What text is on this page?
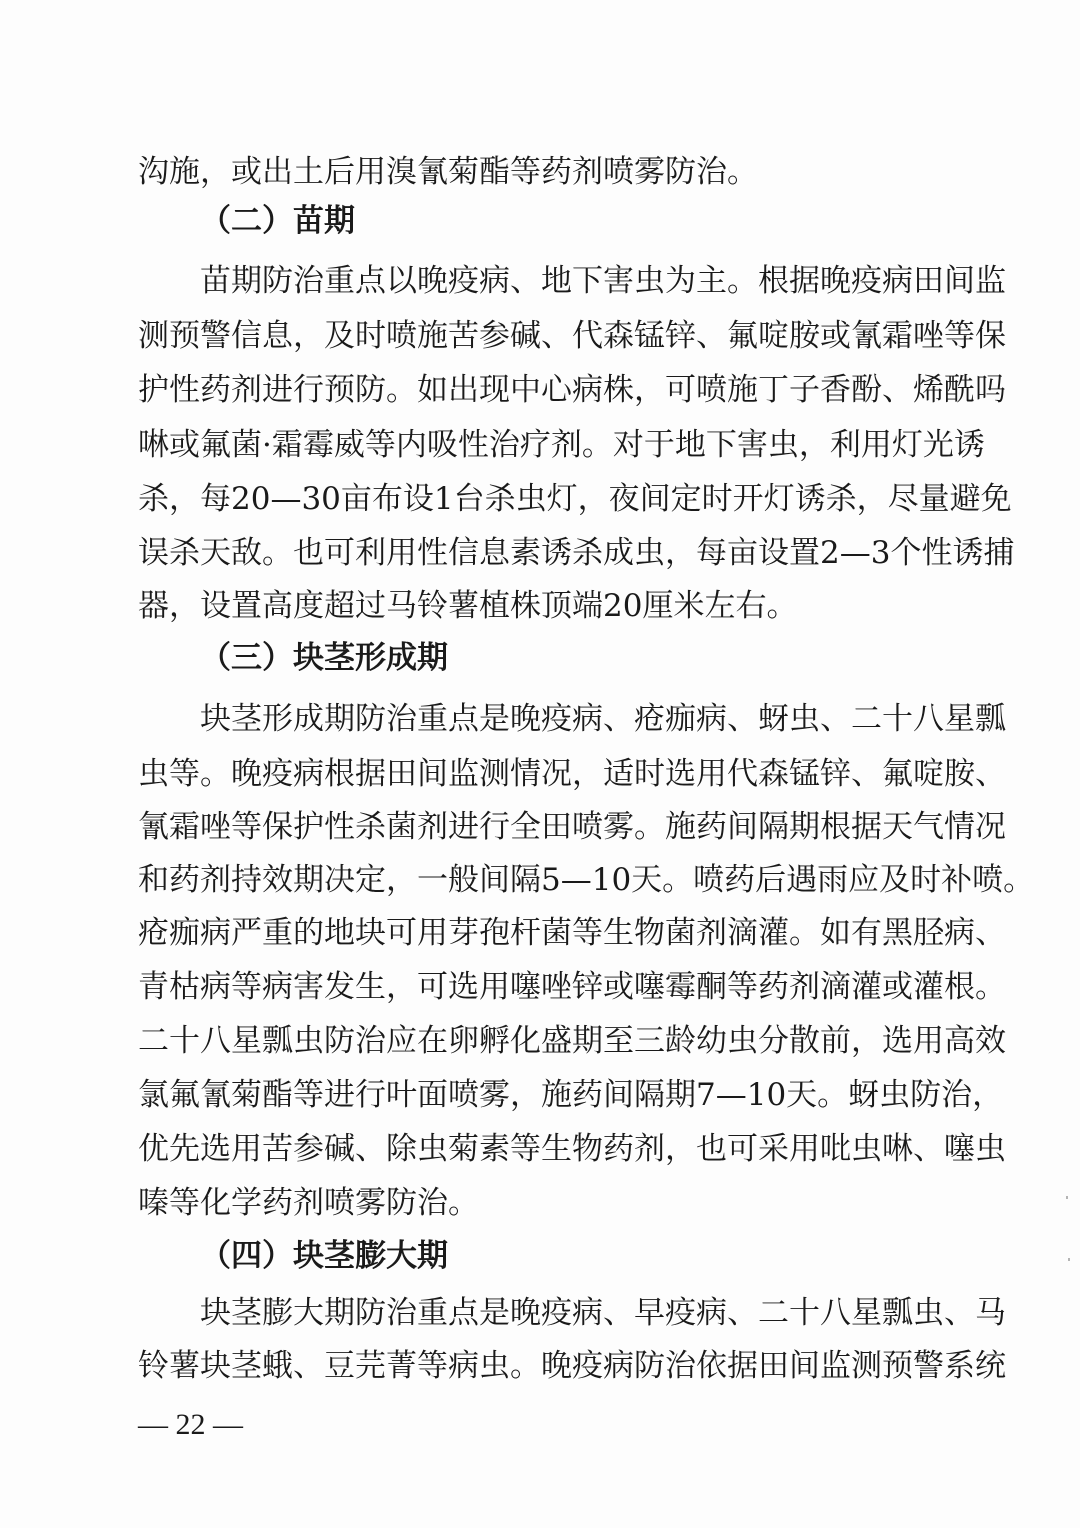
沟施，或出土后用溴氰菊酯等药剂喷雾防治。

（二）苗期

苗期防治重点以晚疫病、地下害虫为主。根据晚疫病田间监

测预警信息，及时喷施苦参碱、代森锰锌、氟啶胺或氰霜唑等保

护性药剂进行预防。如出现中心病株，可喷施丁子香酚、烯酰吗

啉或氟菌·霜霉威等内吸性治疗剂。对于地下害虫，利用灯光诱

杀，每20—30亩布设1台杀虫灯，夜间定时开灯诱杀，尽量避免

误杀天敌。也可利用性信息素诱杀成虫，每亩设置2—3个性诱捕

器，设置高度超过马铃薯植株顶端20厘米左右。

（三）块茎形成期

块茎形成期防治重点是晚疫病、疮痂病、蚜虫、二十八星瓢

虫等。晚疫病根据田间监测情况，适时选用代森锰锌、氟啶胺、

氰霜唑等保护性杀菌剂进行全田喷雾。施药间隔期根据天气情况

和药剂持效期决定，一般间隔5—10天。喷药后遇雨应及时补喷。

疮痂病严重的地块可用芽孢杆菌等生物菌剂滴灌。如有黑胫病、

青枯病等病害发生，可选用噻唑锌或噻霉酮等药剂滴灌或灌根。

二十八星瓢虫防治应在卵孵化盛期至三龄幼虫分散前，选用高效

氯氟氰菊酯等进行叶面喷雾，施药间隔期7—10天。蚜虫防治，

优先选用苦参碱、除虫菊素等生物药剂，也可采用吡虫啉、噻虫

嗪等化学药剂喷雾防治。

（四）块茎膨大期

块茎膨大期防治重点是晚疫病、早疫病、二十八星瓢虫、马

铃薯块茎蛾、豆芫菁等病虫。晚疫病防治依据田间监测预警系统

— 22 —
